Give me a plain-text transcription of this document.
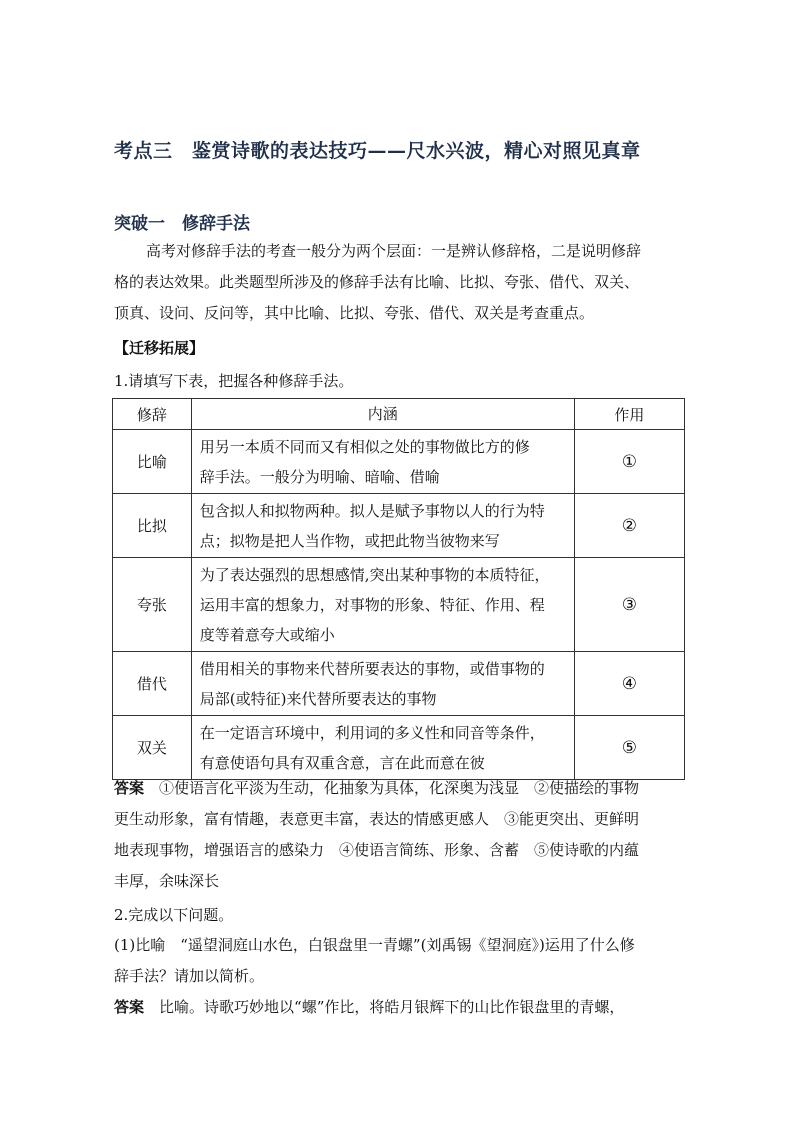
考点三　鉴赏诗歌的表达技巧——尺水兴波，精心对照见真章
突破一　修辞手法
高考对修辞手法的考查一般分为两个层面：一是辨认修辞格，二是说明修辞
格的表达效果。此类题型所涉及的修辞手法有比喻、比拟、夸张、借代、双关、
顶真、设问、反问等，其中比喻、比拟、夸张、借代、双关是考查重点。
【迁移拓展】
1.请填写下表，把握各种修辞手法。
修辞	内涵	作用
比喻	用另一本质不同而又有相似之处的事物做比方的修
辞手法。一般分为明喻、暗喻、借喻	①
比拟	包含拟人和拟物两种。拟人是赋予事物以人的行为特
点；拟物是把人当作物，或把此物当彼物来写	②
夸张	为了表达强烈的思想感情,突出某种事物的本质特征，
运用丰富的想象力，对事物的形象、特征、作用、程
度等着意夸大或缩小	③
借代	借用相关的事物来代替所要表达的事物，或借事物的
局部(或特征)来代替所要表达的事物	④
双关	在一定语言环境中，利用词的多义性和同音等条件，
有意使语句具有双重含意，言在此而意在彼	⑤
答案　 ①使语言化平淡为生动，化抽象为具体，化深奥为浅显　②使描绘的事物
更生动形象，富有情趣，表意更丰富，表达的情感更感人　③能更突出、更鲜明
地表现事物，增强语言的感染力　④使语言简练、形象、含蓄　⑤使诗歌的内蕴
丰厚，余味深长
2.完成以下问题。
(1)比喻　“遥望洞庭山水色，白银盘里一青螺”(刘禹锡《望洞庭》)运用了什么修
辞手法？请加以简析。
答案　 比喻。诗歌巧妙地以“螺”作比，将皓月银辉下的山比作银盘里的青螺，
